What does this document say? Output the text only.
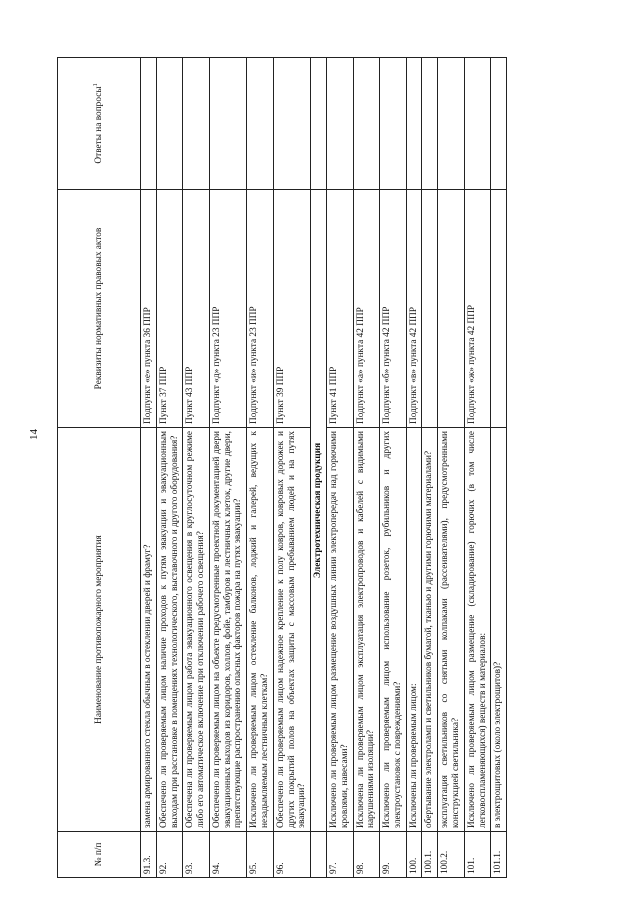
14
№ п/п	Наименование противопожарного мероприятия	Реквизиты нормативных правовых актов	Ответы на вопросы$^1$
91.3.	замена армированного стекла обычным в остеклении дверей и фрамуг?	Подпункт «е» пункта 36 ППР	
92.	Обеспечено ли проверяемым лицом наличие проходов к путям эвакуации и эвакуационным выходам при расстановке в помещениях технологического, выставочного и другого оборудования?	Пункт 37 ППР	
93.	Обеспечена ли проверяемым лицом работа эвакуационного освещения в круглосуточном режиме либо его автоматическое включение при отключении рабочего освещения?	Пункт 43 ППР	
94.	Обеспечено ли проверяемым лицом на объекте предусмотренные проектной документацией двери эвакуационных выходов из коридоров, холлов, фойе, тамбуров и лестничных клеток, другие двери, препятствующие распространению опасных факторов пожара на путях эвакуации?	Подпункт «д» пункта 23 ППР	
95.	Исключено ли проверяемым лицом остекление балконов, лоджий и галерей, ведущих к незадымляемым лестничным клеткам?	Подпункт «и» пункта 23 ППР	
96.	Обеспечено ли проверяемым лицом надежное крепление к полу ковров, ковровых дорожек и других покрытий полов на объектах защиты с массовым пребыванием людей и на путях эвакуации?	Пункт 39 ППР	
	Электротехническая продукция		
97.	Исключено ли проверяемым лицом размещение воздушных линии электропередач над горючими кровлями, навесами?	Пункт 41 ППР	
98.	Исключена ли проверяемым лицом эксплуатация электропроводов и кабелей с видимыми нарушениями изоляции?	Подпункт «а» пункта 42 ППР	
99.	Исключено ли проверяемым лицом использование розеток, рубильников и других электроустановок с повреждениями?	Подпункт «б» пункта 42 ППР	
100.	Исключены ли проверяемым лицом:	Подпункт «в» пункта 42 ППР	
100.1.	обертывание электроламп и светильников бумагой, тканью и другими горючими материалами?		
100.2.	эксплуатация светильников со снятыми колпаками (рассеивателями), предусмотренными конструкцией светильника?		
101.	Исключено ли проверяемым лицом размещение (складирование) горючих (в том числе легковоспламеняющихся) веществ и материалов:	Подпункт «ж» пункта 42 ППР	
101.1.	в электрощитовых (около электрощитов)?		
